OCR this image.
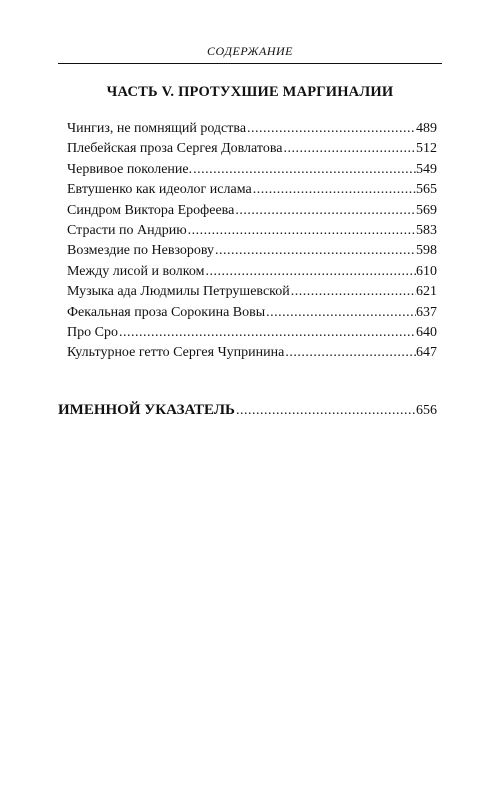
СОДЕРЖАНИЕ
ЧАСТЬ V. ПРОТУХШИЕ МАРГИНАЛИИ
Чингиз, не помнящий родства .....	489
Плебейская проза Сергея Довлатова .....	512
Червивое поколение. .....	549
Евтушенко как идеолог ислама .....	565
Синдром Виктора Ерофеева .....	569
Страсти по Андрию .....	583
Возмездие по Невзорову .....	598
Между лисой и волком .....	610
Музыка ада Людмилы Петрушевской .....	621
Фекальная проза Сорокина Вовы .....	637
Про Сро .....	640
Культурное гетто Сергея Чупринина .....	647
ИМЕННОЙ УКАЗАТЕЛЬ .....	656
